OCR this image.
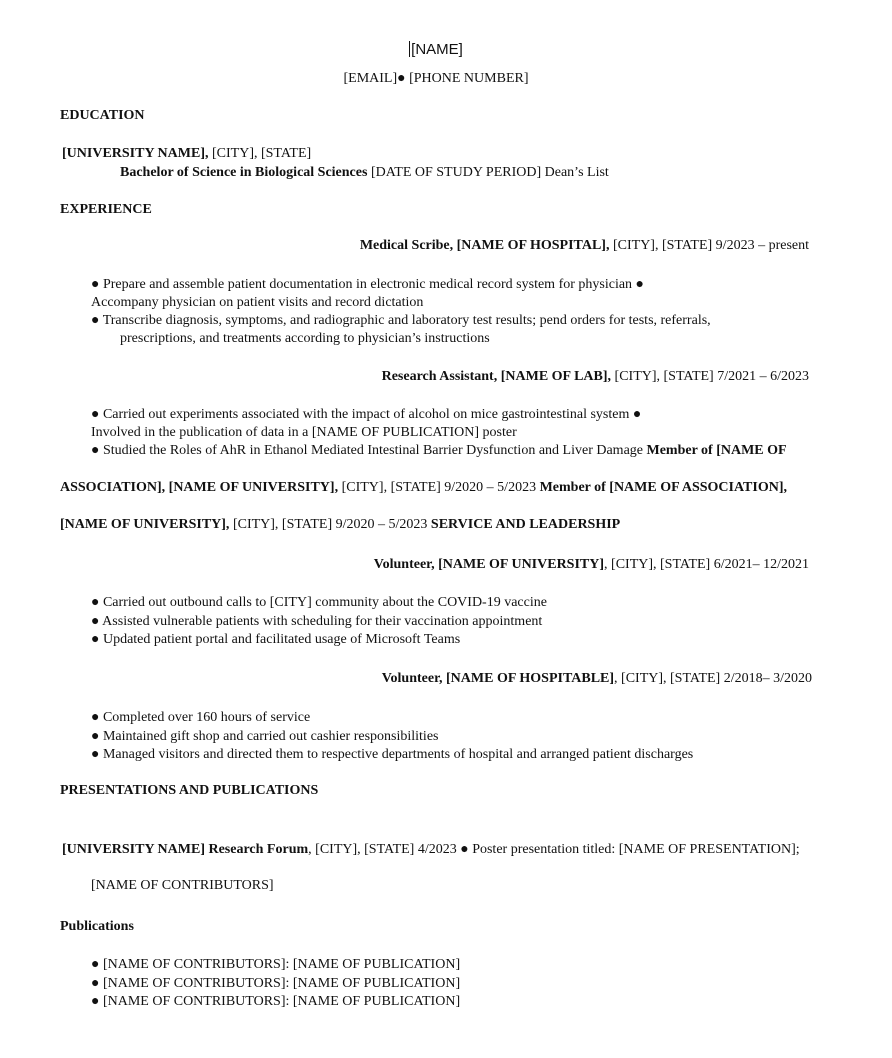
[NAME]
[EMAIL]● [PHONE NUMBER]
EDUCATION
[UNIVERSITY NAME], [CITY], [STATE]
Bachelor of Science in Biological Sciences [DATE OF STUDY PERIOD] Dean’s List
EXPERIENCE
Medical Scribe, [NAME OF HOSPITAL], [CITY], [STATE] 9/2023 – present
● Prepare and assemble patient documentation in electronic medical record system for physician ●
Accompany physician on patient visits and record dictation
● Transcribe diagnosis, symptoms, and radiographic and laboratory test results; pend orders for tests, referrals,
prescriptions, and treatments according to physician’s instructions
Research Assistant, [NAME OF LAB], [CITY], [STATE] 7/2021 – 6/2023
● Carried out experiments associated with the impact of alcohol on mice gastrointestinal system ●
Involved in the publication of data in a [NAME OF PUBLICATION] poster
● Studied the Roles of AhR in Ethanol Mediated Intestinal Barrier Dysfunction and Liver Damage Member of [NAME OF
ASSOCIATION], [NAME OF UNIVERSITY], [CITY], [STATE] 9/2020 – 5/2023 Member of [NAME OF ASSOCIATION],
[NAME OF UNIVERSITY], [CITY], [STATE] 9/2020 – 5/2023 SERVICE AND LEADERSHIP
Volunteer, [NAME OF UNIVERSITY], [CITY], [STATE] 6/2021– 12/2021
● Carried out outbound calls to [CITY] community about the COVID-19 vaccine
● Assisted vulnerable patients with scheduling for their vaccination appointment
● Updated patient portal and facilitated usage of Microsoft Teams
Volunteer, [NAME OF HOSPITABLE], [CITY], [STATE] 2/2018– 3/2020
● Completed over 160 hours of service
● Maintained gift shop and carried out cashier responsibilities
● Managed visitors and directed them to respective departments of hospital and arranged patient discharges
PRESENTATIONS AND PUBLICATIONS
[UNIVERSITY NAME] Research Forum, [CITY], [STATE] 4/2023 ● Poster presentation titled: [NAME OF PRESENTATION];
[NAME OF CONTRIBUTORS]
Publications
● [NAME OF CONTRIBUTORS]: [NAME OF PUBLICATION]
● [NAME OF CONTRIBUTORS]: [NAME OF PUBLICATION]
● [NAME OF CONTRIBUTORS]: [NAME OF PUBLICATION]
